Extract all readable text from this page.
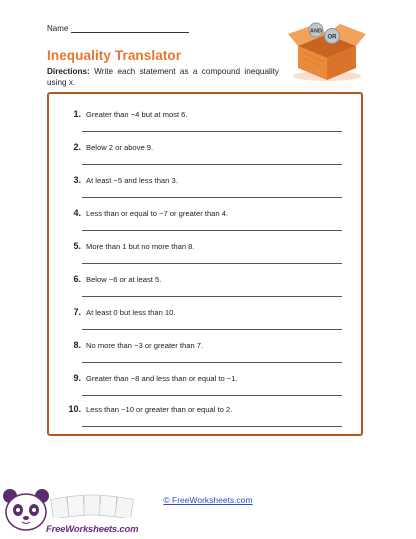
Name
Inequality Translator
Directions: Write each statement as a compound inequality using x.
AND
OR
1. Greater than −4 but at most 6.
2. Below 2 or above 9.
3. At least −5 and less than 3.
4. Less than or equal to −7 or greater than 4.
5. More than 1 but no more than 8.
6. Below −6 or at least 5.
7. At least 0 but less than 10.
8. No more than −3 or greater than 7.
9. Greater than −8 and less than or equal to −1.
10. Less than −10 or greater than or equal to 2.
© FreeWorksheets.com
FreeWorksheets.com
